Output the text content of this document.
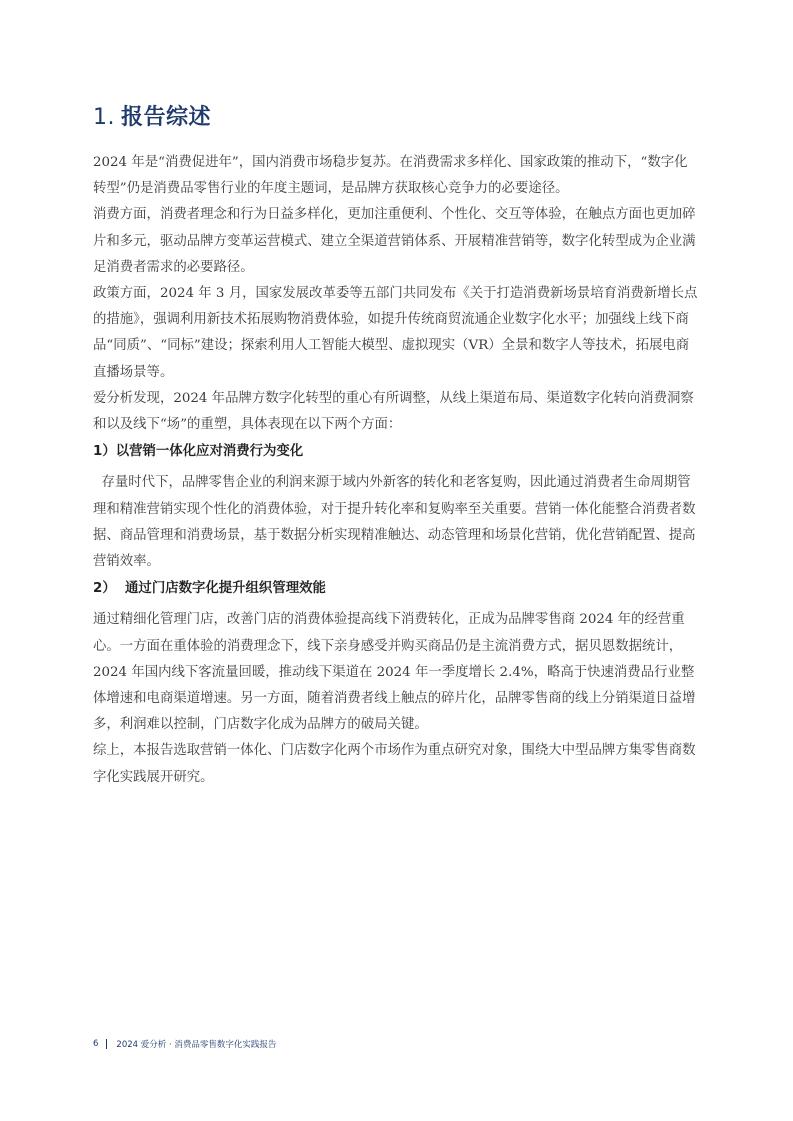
1. 报告综述

2024 年是“消费促进年”，国内消费市场稳步复苏。在消费需求多样化、国家政策的推动下，“数字化转型”仍是消费品零售行业的年度主题词，是品牌方获取核心竞争力的必要途径。

消费方面，消费者理念和行为日益多样化，更加注重便利、个性化、交互等体验，在触点方面也更加碎片和多元，驱动品牌方变革运营模式、建立全渠道营销体系、开展精准营销等，数字化转型成为企业满足消费者需求的必要路径。

政策方面，2024 年 3 月，国家发展改革委等五部门共同发布《关于打造消费新场景培育消费新增长点的措施》，强调利用新技术拓展购物消费体验，如提升传统商贸流通企业数字化水平；加强线上线下商品“同质”、“同标”建设；探索利用人工智能大模型、虚拟现实（VR）全景和数字人等技术，拓展电商直播场景等。

爱分析发现，2024 年品牌方数字化转型的重心有所调整，从线上渠道布局、渠道数字化转向消费洞察和以及线下“场”的重塑，具体表现在以下两个方面：

1）以营销一体化应对消费行为变化

存量时代下，品牌零售企业的利润来源于域内外新客的转化和老客复购，因此通过消费者生命周期管理和精准营销实现个性化的消费体验，对于提升转化率和复购率至关重要。营销一体化能整合消费者数据、商品管理和消费场景，基于数据分析实现精准触达、动态管理和场景化营销，优化营销配置、提高营销效率。

2）  通过门店数字化提升组织管理效能

通过精细化管理门店，改善门店的消费体验提高线下消费转化，正成为品牌零售商 2024 年的经营重心。一方面在重体验的消费理念下，线下亲身感受并购买商品仍是主流消费方式，据贝恩数据统计，2024 年国内线下客流量回暖，推动线下渠道在 2024 年一季度增长 2.4%，略高于快速消费品行业整体增速和电商渠道增速。另一方面，随着消费者线上触点的碎片化，品牌零售商的线上分销渠道日益增多，利润难以控制，门店数字化成为品牌方的破局关键。

综上，本报告选取营销一体化、门店数字化两个市场作为重点研究对象，围绕大中型品牌方集零售商数字化实践展开研究。

6 2024 爱分析 · 消费品零售数字化实践报告
